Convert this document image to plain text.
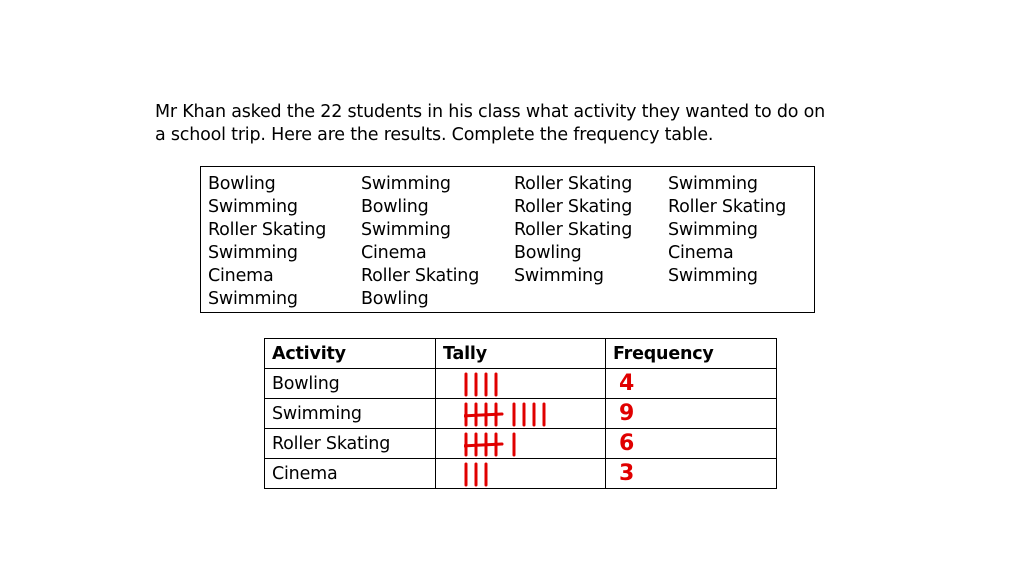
Mr Khan asked the 22 students in his class what activity they wanted to do on
a school trip. Here are the results. Complete the frequency table.
Bowling
Swimming
Roller Skating
Swimming
Cinema
Swimming
Swimming
Bowling
Swimming
Cinema
Roller Skating
Bowling
Roller Skating
Roller Skating
Roller Skating
Bowling
Swimming
Swimming
Roller Skating
Swimming
Cinema
Swimming
Activity	Tally	Frequency
Bowling		4
Swimming		9
Roller Skating		6
Cinema		3
